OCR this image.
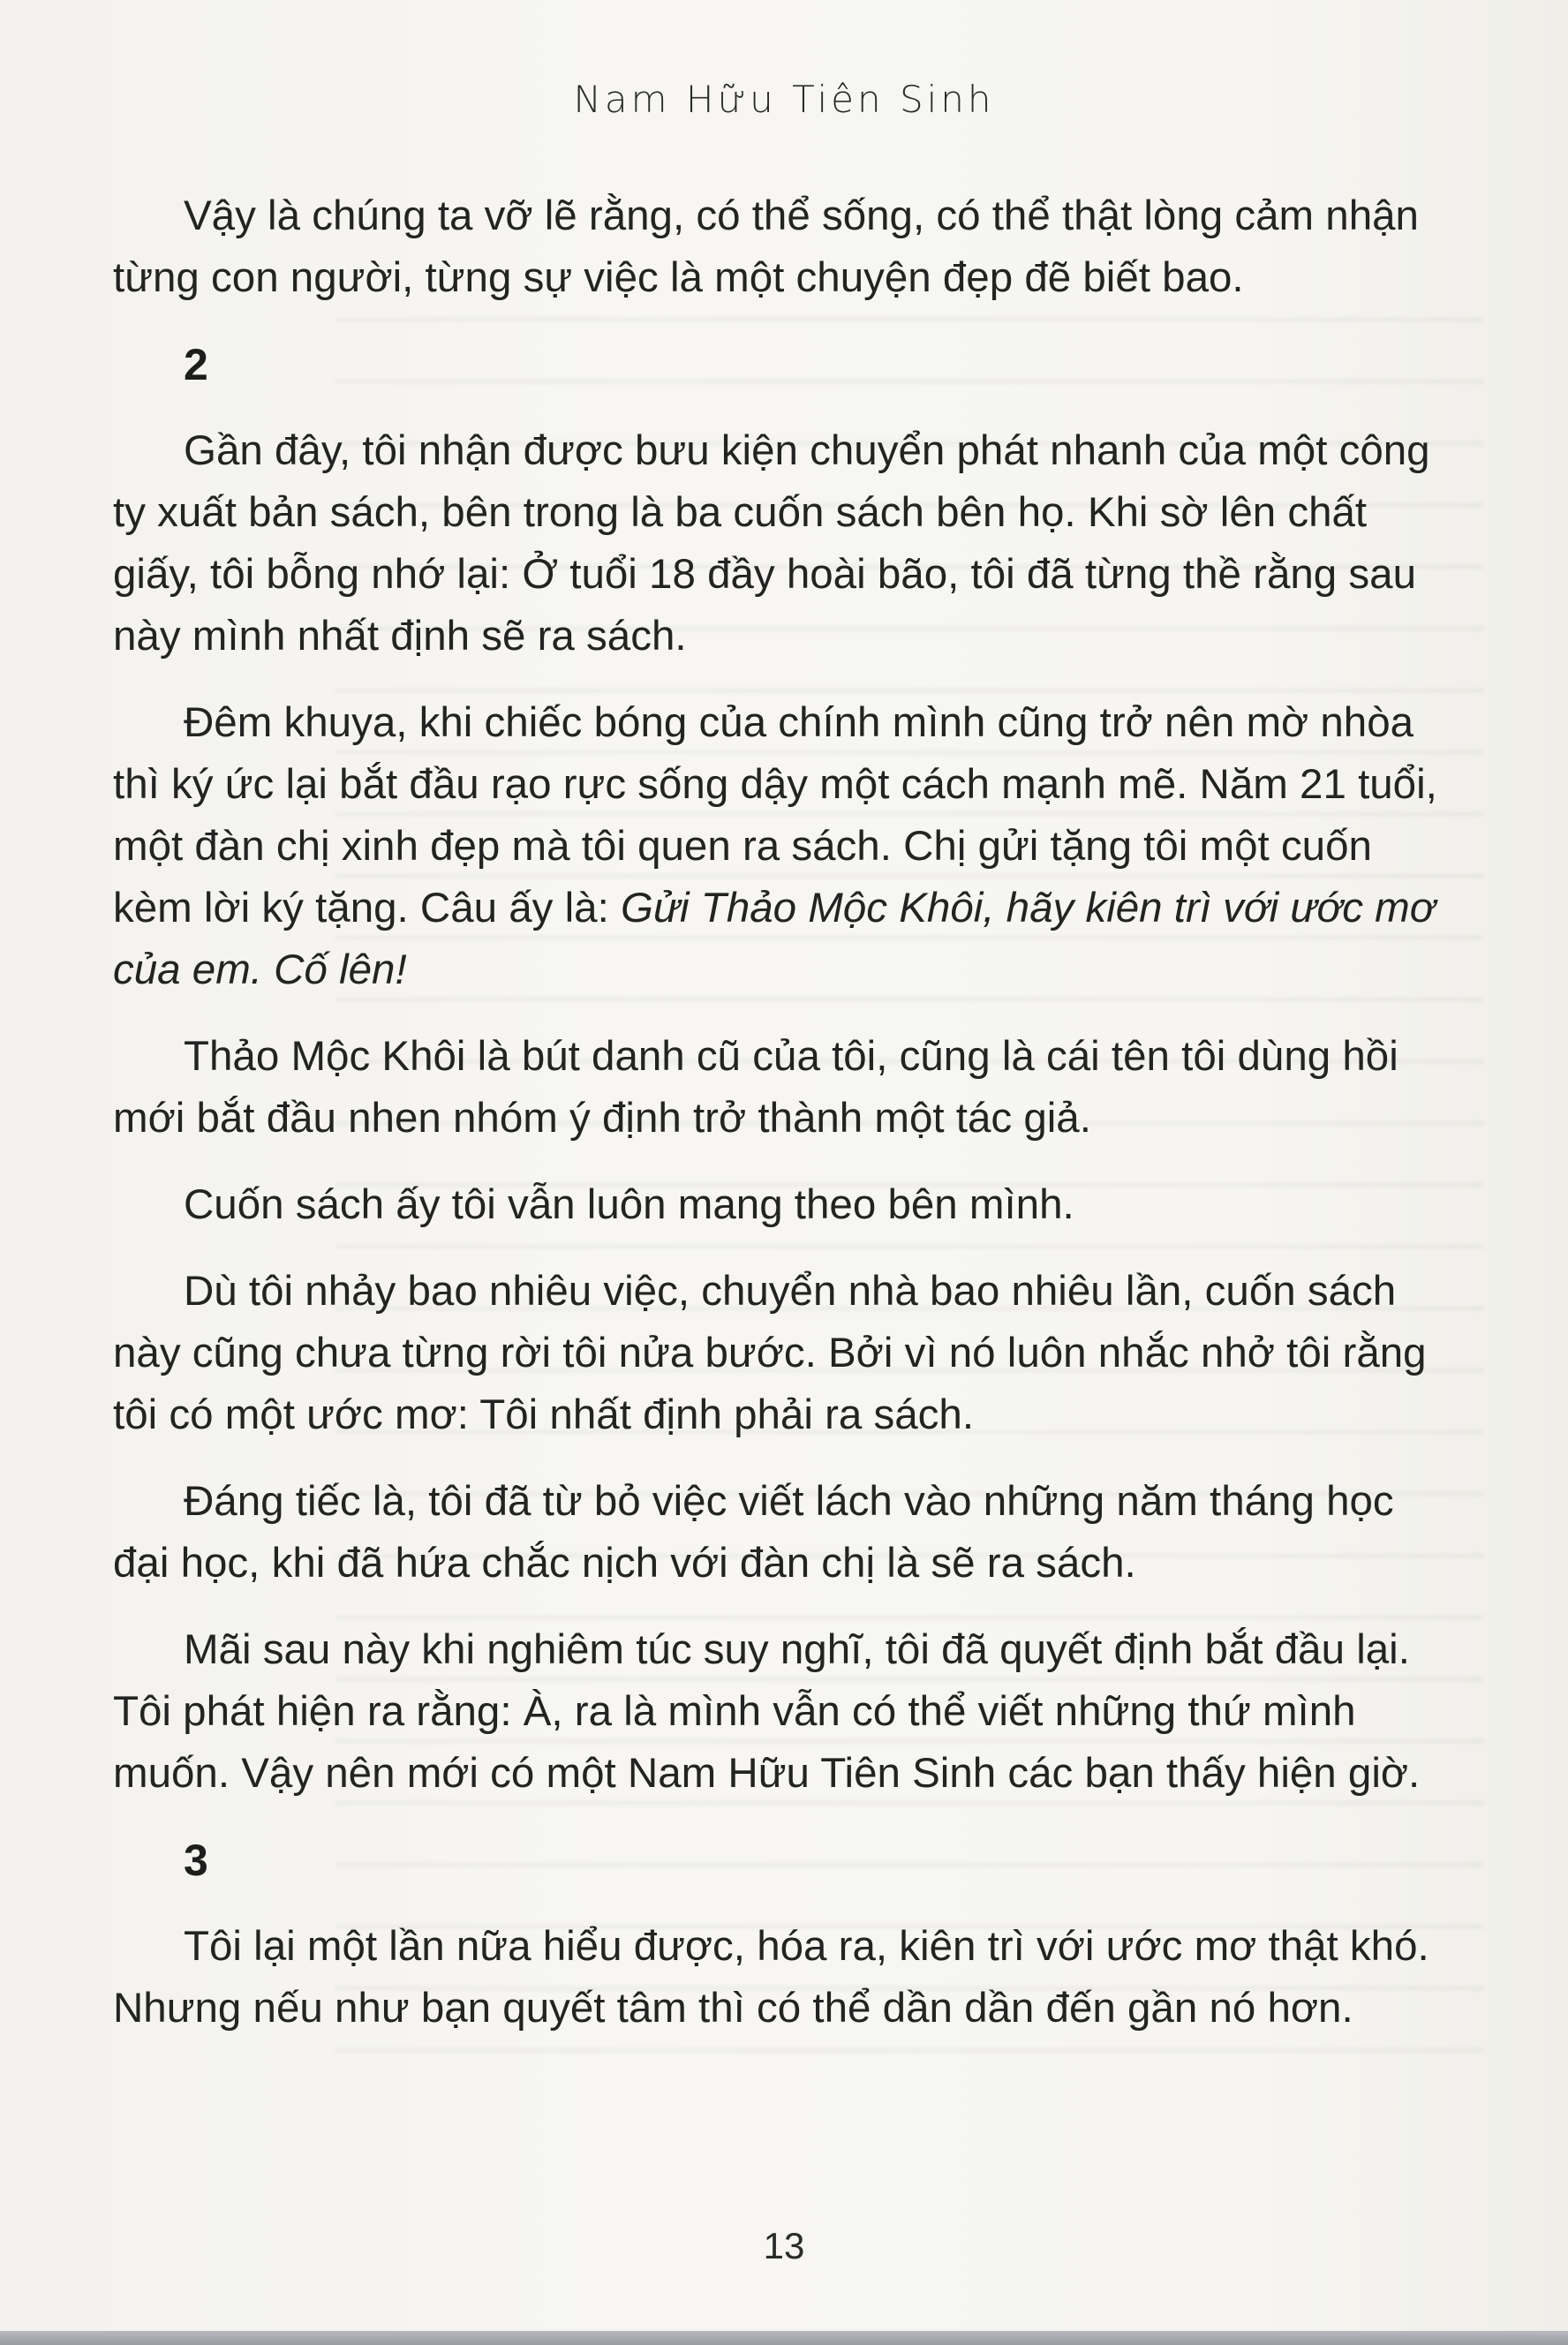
Nam Hữu Tiên Sinh

Vậy là chúng ta vỡ lẽ rằng, có thể sống, có thể thật lòng cảm nhận từng con người, từng sự việc là một chuyện đẹp đẽ biết bao.

2

Gần đây, tôi nhận được bưu kiện chuyển phát nhanh của một công ty xuất bản sách, bên trong là ba cuốn sách bên họ. Khi sờ lên chất giấy, tôi bỗng nhớ lại: Ở tuổi 18 đầy hoài bão, tôi đã từng thề rằng sau này mình nhất định sẽ ra sách.

Đêm khuya, khi chiếc bóng của chính mình cũng trở nên mờ nhòa thì ký ức lại bắt đầu rạo rực sống dậy một cách mạnh mẽ. Năm 21 tuổi, một đàn chị xinh đẹp mà tôi quen ra sách. Chị gửi tặng tôi một cuốn kèm lời ký tặng. Câu ấy là: Gửi Thảo Mộc Khôi, hãy kiên trì với ước mơ của em. Cố lên!

Thảo Mộc Khôi là bút danh cũ của tôi, cũng là cái tên tôi dùng hồi mới bắt đầu nhen nhóm ý định trở thành một tác giả.

Cuốn sách ấy tôi vẫn luôn mang theo bên mình.

Dù tôi nhảy bao nhiêu việc, chuyển nhà bao nhiêu lần, cuốn sách này cũng chưa từng rời tôi nửa bước. Bởi vì nó luôn nhắc nhở tôi rằng tôi có một ước mơ: Tôi nhất định phải ra sách.

Đáng tiếc là, tôi đã từ bỏ việc viết lách vào những năm tháng học đại học, khi đã hứa chắc nịch với đàn chị là sẽ ra sách.

Mãi sau này khi nghiêm túc suy nghĩ, tôi đã quyết định bắt đầu lại. Tôi phát hiện ra rằng: À, ra là mình vẫn có thể viết những thứ mình muốn. Vậy nên mới có một Nam Hữu Tiên Sinh các bạn thấy hiện giờ.

3

Tôi lại một lần nữa hiểu được, hóa ra, kiên trì với ước mơ thật khó. Nhưng nếu như bạn quyết tâm thì có thể dần dần đến gần nó hơn.

13
